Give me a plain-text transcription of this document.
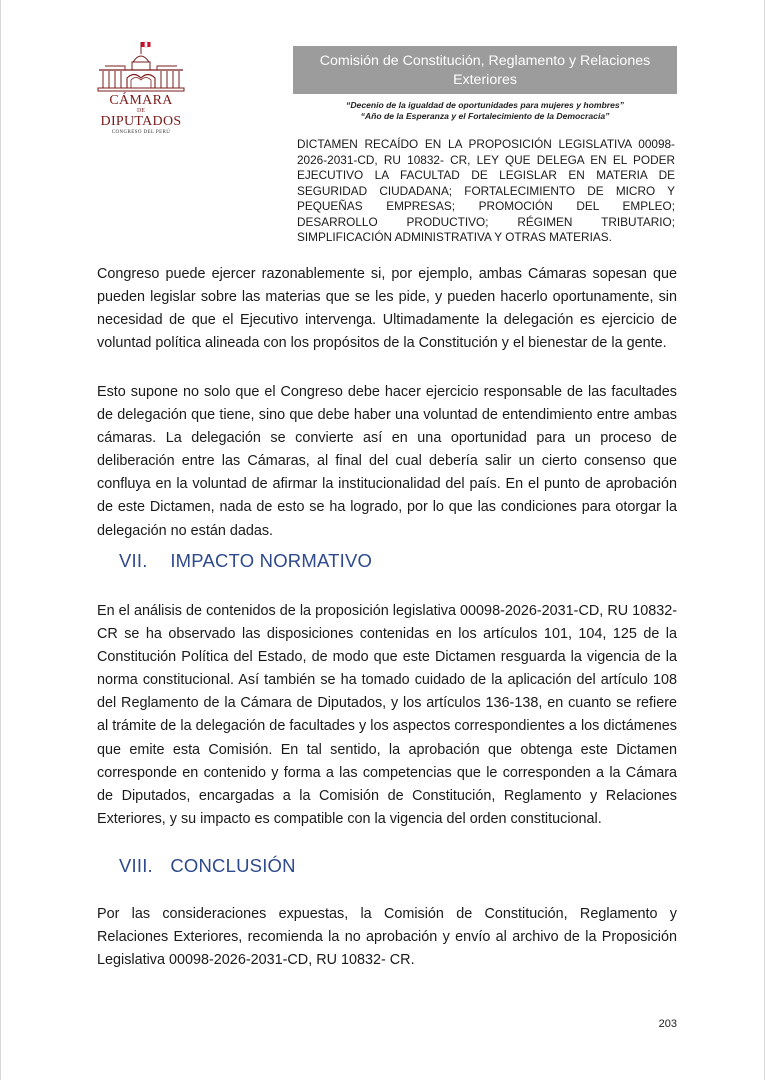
CÁMARA
DE
DIPUTADOS
CONGRESO DEL PERÚ
Comisión de Constitución, Reglamento y Relaciones Exteriores
“Decenio de la igualdad de oportunidades para mujeres y hombres”
“Año de la Esperanza y el Fortalecimiento de la Democracia”
DICTAMEN RECAÍDO EN LA PROPOSICIÓN LEGISLATIVA 00098-2026-2031-CD, RU 10832- CR, LEY QUE DELEGA EN EL PODER EJECUTIVO LA FACULTAD DE LEGISLAR EN MATERIA DE SEGURIDAD CIUDADANA; FORTALECIMIENTO DE MICRO Y PEQUEÑAS EMPRESAS; PROMOCIÓN DEL EMPLEO; DESARROLLO PRODUCTIVO; RÉGIMEN TRIBUTARIO; SIMPLIFICACIÓN ADMINISTRATIVA Y OTRAS MATERIAS.

Congreso puede ejercer razonablemente si, por ejemplo, ambas Cámaras sopesan que pueden legislar sobre las materias que se les pide, y pueden hacerlo oportunamente, sin necesidad de que el Ejecutivo intervenga. Ultimadamente la delegación es ejercicio de voluntad política alineada con los propósitos de la Constitución y el bienestar de la gente.

Esto supone no solo que el Congreso debe hacer ejercicio responsable de las facultades de delegación que tiene, sino que debe haber una voluntad de entendimiento entre ambas cámaras. La delegación se convierte así en una oportunidad para un proceso de deliberación entre las Cámaras, al final del cual debería salir un cierto consenso que confluya en la voluntad de afirmar la institucionalidad del país. En el punto de aprobación de este Dictamen, nada de esto se ha logrado, por lo que las condiciones para otorgar la delegación no están dadas.

VII. IMPACTO NORMATIVO

En el análisis de contenidos de la proposición legislativa 00098-2026-2031-CD, RU 10832- CR se ha observado las disposiciones contenidas en los artículos 101, 104, 125 de la Constitución Política del Estado, de modo que este Dictamen resguarda la vigencia de la norma constitucional. Así también se ha tomado cuidado de la aplicación del artículo 108 del Reglamento de la Cámara de Diputados, y los artículos 136-138, en cuanto se refiere al trámite de la delegación de facultades y los aspectos correspondientes a los dictámenes que emite esta Comisión. En tal sentido, la aprobación que obtenga este Dictamen corresponde en contenido y forma a las competencias que le corresponden a la Cámara de Diputados, encargadas a la Comisión de Constitución, Reglamento y Relaciones Exteriores, y su impacto es compatible con la vigencia del orden constitucional.

VIII. CONCLUSIÓN

Por las consideraciones expuestas, la Comisión de Constitución, Reglamento y Relaciones Exteriores, recomienda la no aprobación y envío al archivo de la Proposición Legislativa 00098-2026-2031-CD, RU 10832- CR.

203
